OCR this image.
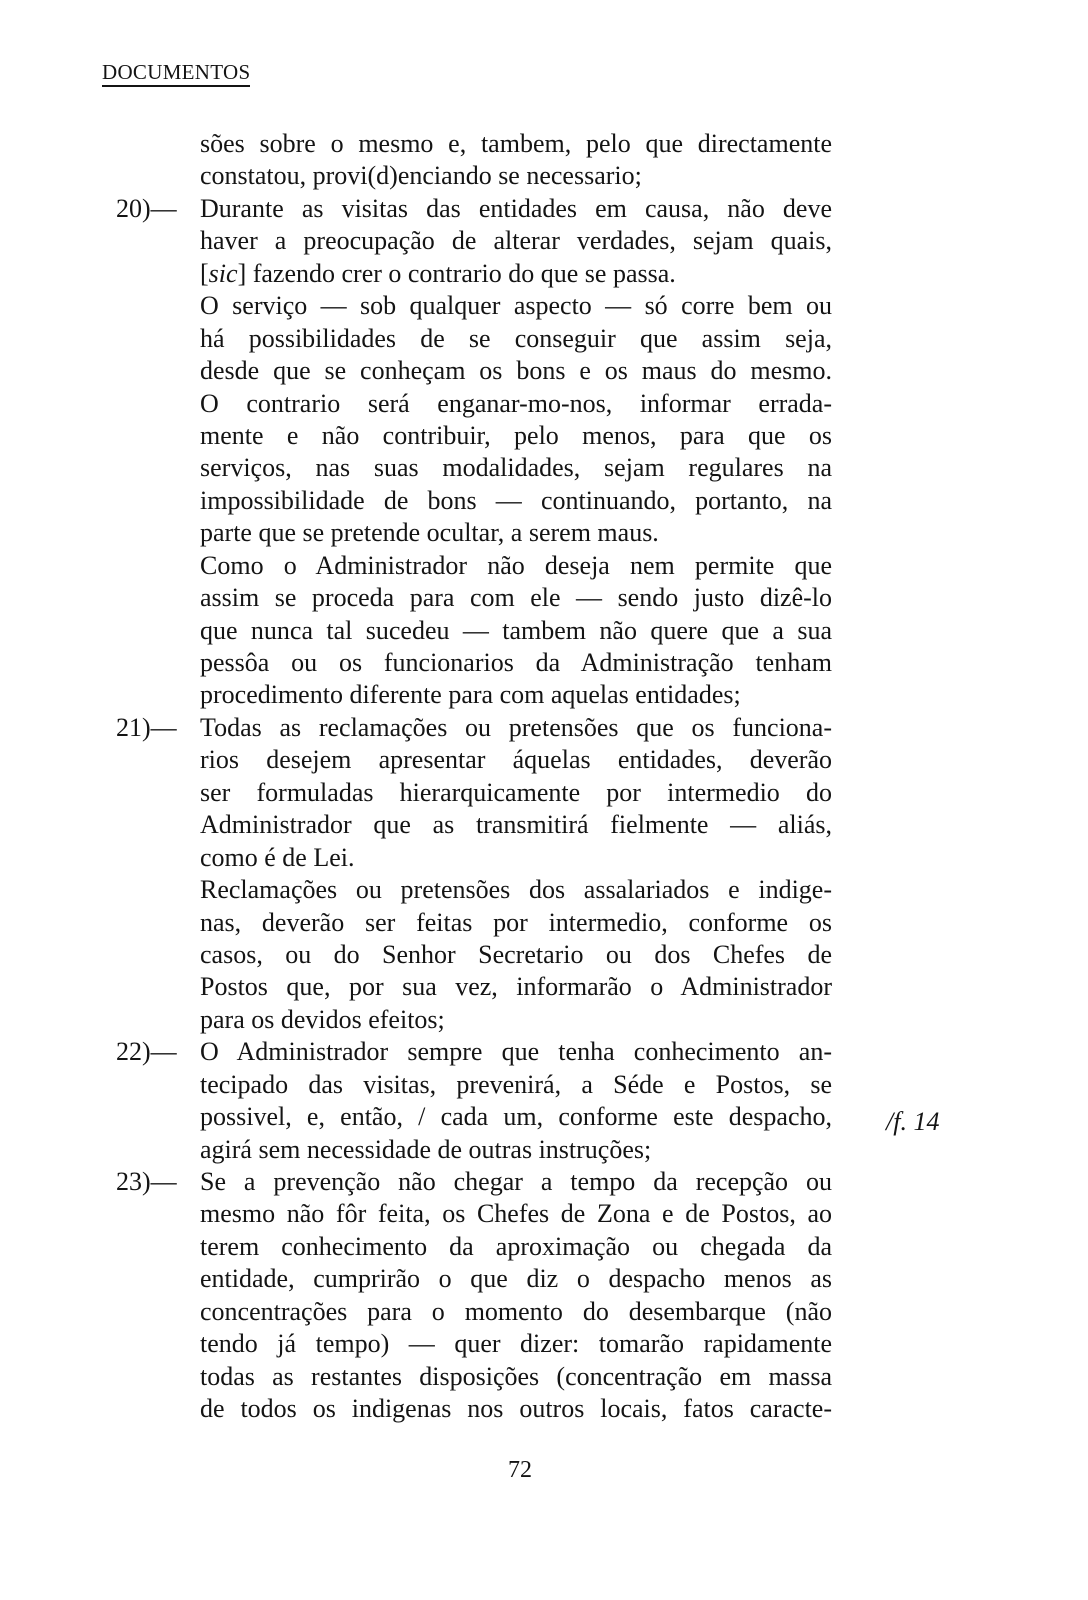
DOCUMENTOS
sões sobre o mesmo e, tambem, pelo que directamente
constatou, provi(d)enciando se necessario;
20)— Durante as visitas das entidades em causa, não deve
haver a preocupação de alterar verdades, sejam quais,
[sic] fazendo crer o contrario do que se passa.
O serviço — sob qualquer aspecto — só corre bem ou
há possibilidades de se conseguir que assim seja,
desde que se conheçam os bons e os maus do mesmo.
O contrario será enganar-mo-nos, informar errada-
mente e não contribuir, pelo menos, para que os
serviços, nas suas modalidades, sejam regulares na
impossibilidade de bons — continuando, portanto, na
parte que se pretende ocultar, a serem maus.
Como o Administrador não deseja nem permite que
assim se proceda para com ele — sendo justo dizê-lo
que nunca tal sucedeu — tambem não quere que a sua
pessôa ou os funcionarios da Administração tenham
procedimento diferente para com aquelas entidades;
21)— Todas as reclamações ou pretensões que os funciona-
rios desejem apresentar áquelas entidades, deverão
ser formuladas hierarquicamente por intermedio do
Administrador que as transmitirá fielmente — aliás,
como é de Lei.
Reclamações ou pretensões dos assalariados e indige-
nas, deverão ser feitas por intermedio, conforme os
casos, ou do Senhor Secretario ou dos Chefes de
Postos que, por sua vez, informarão o Administrador
para os devidos efeitos;
22)— O Administrador sempre que tenha conhecimento an-
tecipado das visitas, prevenirá, a Séde e Postos, se
possivel, e, então, / cada um, conforme este despacho,
agirá sem necessidade de outras instruções;
23)— Se a prevenção não chegar a tempo da recepção ou
mesmo não fôr feita, os Chefes de Zona e de Postos, ao
terem conhecimento da aproximação ou chegada da
entidade, cumprirão o que diz o despacho menos as
concentrações para o momento do desembarque (não
tendo já tempo) — quer dizer: tomarão rapidamente
todas as restantes disposições (concentração em massa
de todos os indigenas nos outros locais, fatos caracte-
/f. 14
72
